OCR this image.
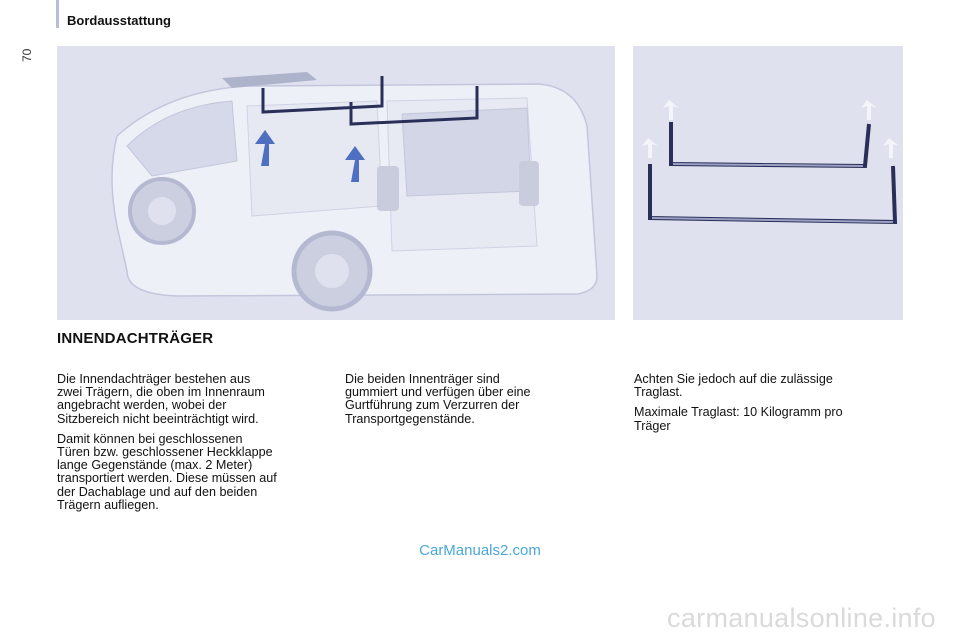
70
Bordausstattung
INNENDACHTRÄGER

Die Innendachträger bestehen aus
zwei Trägern, die oben im Innenraum
angebracht werden, wobei der
Sitzbereich nicht beeinträchtigt wird.

Damit können bei geschlossenen
Türen bzw. geschlossener Heckklappe
lange Gegenstände (max. 2 Meter)
transportiert werden. Diese müssen auf
der Dachablage und auf den beiden
Trägern aufliegen.

Die beiden Innenträger sind
gummiert und verfügen über eine
Gurtführung zum Verzurren der
Transportgegenstände.

Achten Sie jedoch auf die zulässige
Traglast.

Maximale Traglast: 10 Kilogramm pro
Träger

CarManuals2.com
carmanualsonline.info
